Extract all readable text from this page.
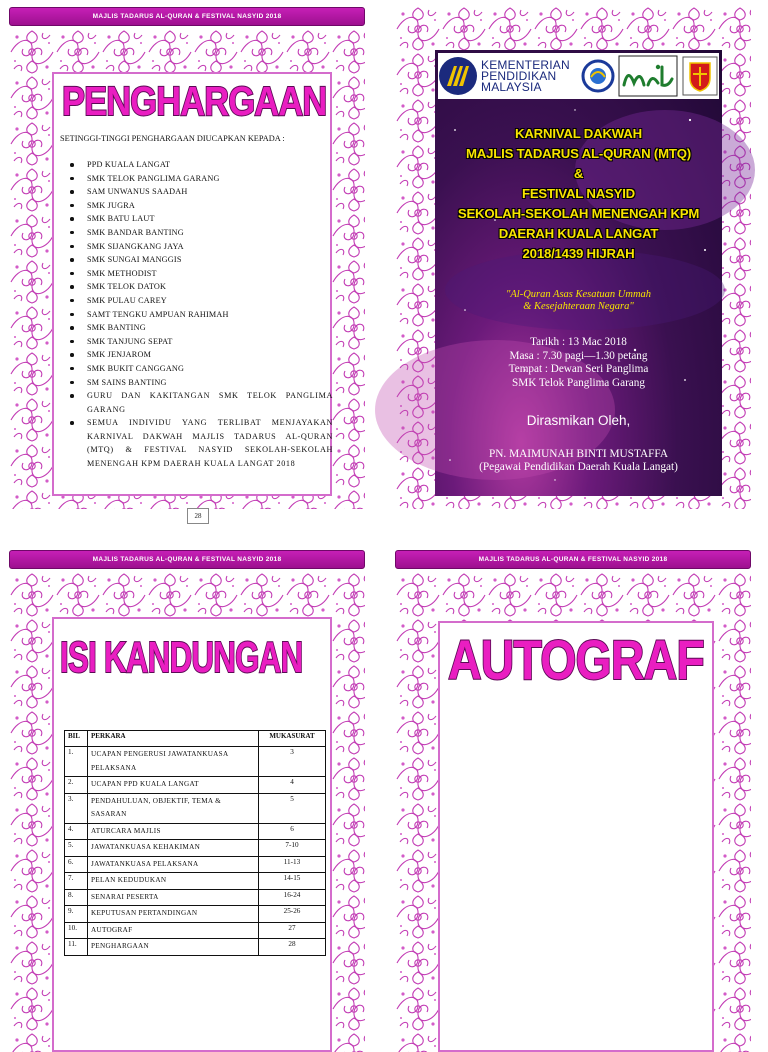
MAJLIS TADARUS AL-QURAN & FESTIVAL NASYID 2018
PENGHARGAAN
SETINGGI-TINGGI PENGHARGAAN DIUCAPKAN KEPADA :
PPD KUALA LANGAT
SMK TELOK PANGLIMA GARANG
SAM UNWANUS SAADAH
SMK JUGRA
SMK BATU LAUT
SMK BANDAR BANTING
SMK SIJANGKANG JAYA
SMK SUNGAI MANGGIS
SMK METHODIST
SMK TELOK DATOK
SMK PULAU CAREY
SAMT TENGKU AMPUAN RAHIMAH
SMK BANTING
SMK TANJUNG SEPAT
SMK JENJAROM
SMK BUKIT CANGGANG
SM SAINS BANTING
GURU DAN KAKITANGAN SMK TELOK PANGLIMA GARANG
SEMUA INDIVIDU YANG TERLIBAT MENJAYAKAN KARNIVAL DAKWAH MAJLIS TADARUS AL-QURAN (MTQ) & FESTIVAL NASYID SEKOLAH-SEKOLAH MENENGAH KPM DAERAH KUALA LANGAT 2018
28
KEMENTERIAN
PENDIDIKAN
MALAYSIA
KARNIVAL DAKWAH
MAJLIS TADARUS AL-QURAN (MTQ)
&
FESTIVAL NASYID
SEKOLAH-SEKOLAH MENENGAH KPM
DAERAH KUALA LANGAT
2018/1439 HIJRAH
"Al-Quran Asas Kesatuan Ummah
& Kesejahteraan Negara"
Tarikh : 13 Mac 2018
Masa : 7.30 pagi—1.30 petang
Tempat : Dewan Seri Panglima
SMK Telok Panglima Garang
Dirasmikan Oleh,
PN. MAIMUNAH BINTI MUSTAFFA
(Pegawai Pendidikan Daerah Kuala Langat)
MAJLIS TADARUS AL-QURAN & FESTIVAL NASYID 2018
ISI KANDUNGAN
BIL	PERKARA	MUKASURAT
1.	UCAPAN PENGERUSI JAWATANKUASA PELAKSANA	3
2.	UCAPAN PPD KUALA LANGAT	4
3.	PENDAHULUAN, OBJEKTIF, TEMA & SASARAN	5
4.	ATURCARA MAJLIS	6
5.	JAWATANKUASA KEHAKIMAN	7-10
6.	JAWATANKUASA PELAKSANA	11-13
7.	PELAN KEDUDUKAN	14-15
8.	SENARAI PESERTA	16-24
9.	KEPUTUSAN PERTANDINGAN	25-26
10.	AUTOGRAF	27
11.	PENGHARGAAN	28
MAJLIS TADARUS AL-QURAN & FESTIVAL NASYID 2018
AUTOGRAF
